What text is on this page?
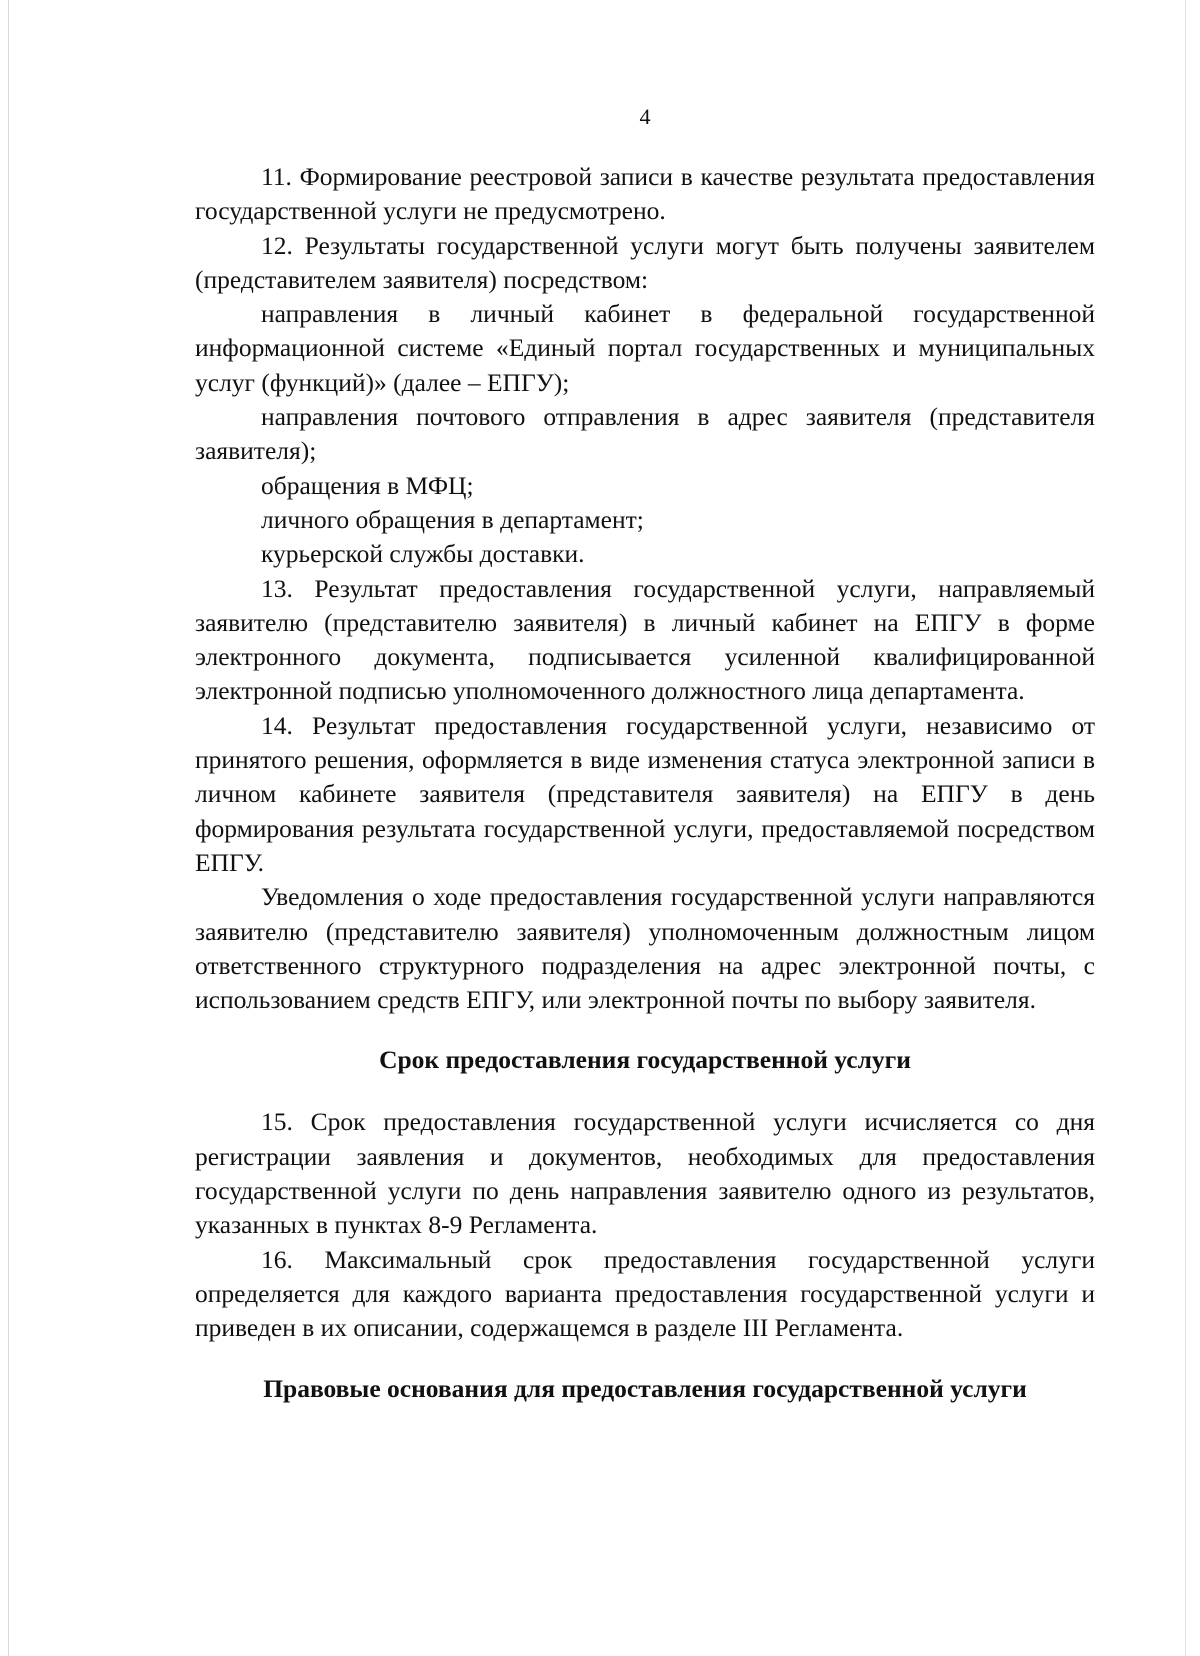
4

11. Формирование реестровой записи в качестве результата предоставления государственной услуги не предусмотрено.

12. Результаты государственной услуги могут быть получены заявителем (представителем заявителя) посредством:

направления в личный кабинет в федеральной государственной информационной системе «Единый портал государственных и муниципальных услуг (функций)» (далее – ЕПГУ);

направления почтового отправления в адрес заявителя (представителя заявителя);

обращения в МФЦ;

личного обращения в департамент;

курьерской службы доставки.

13. Результат предоставления государственной услуги, направляемый заявителю (представителю заявителя) в личный кабинет на ЕПГУ в форме электронного документа, подписывается усиленной квалифицированной электронной подписью уполномоченного должностного лица департамента.

14. Результат предоставления государственной услуги, независимо от принятого решения, оформляется в виде изменения статуса электронной записи в личном кабинете заявителя (представителя заявителя) на ЕПГУ в день формирования результата государственной услуги, предоставляемой посредством ЕПГУ.

Уведомления о ходе предоставления государственной услуги направляются заявителю (представителю заявителя) уполномоченным должностным лицом ответственного структурного подразделения на адрес электронной почты, с использованием средств ЕПГУ, или электронной почты по выбору заявителя.

Срок предоставления государственной услуги

15. Срок предоставления государственной услуги исчисляется со дня регистрации заявления и документов, необходимых для предоставления государственной услуги по день направления заявителю одного из результатов, указанных в пунктах 8-9 Регламента.

16. Максимальный срок предоставления государственной услуги определяется для каждого варианта предоставления государственной услуги и приведен в их описании, содержащемся в разделе III Регламента.

Правовые основания для предоставления государственной услуги
